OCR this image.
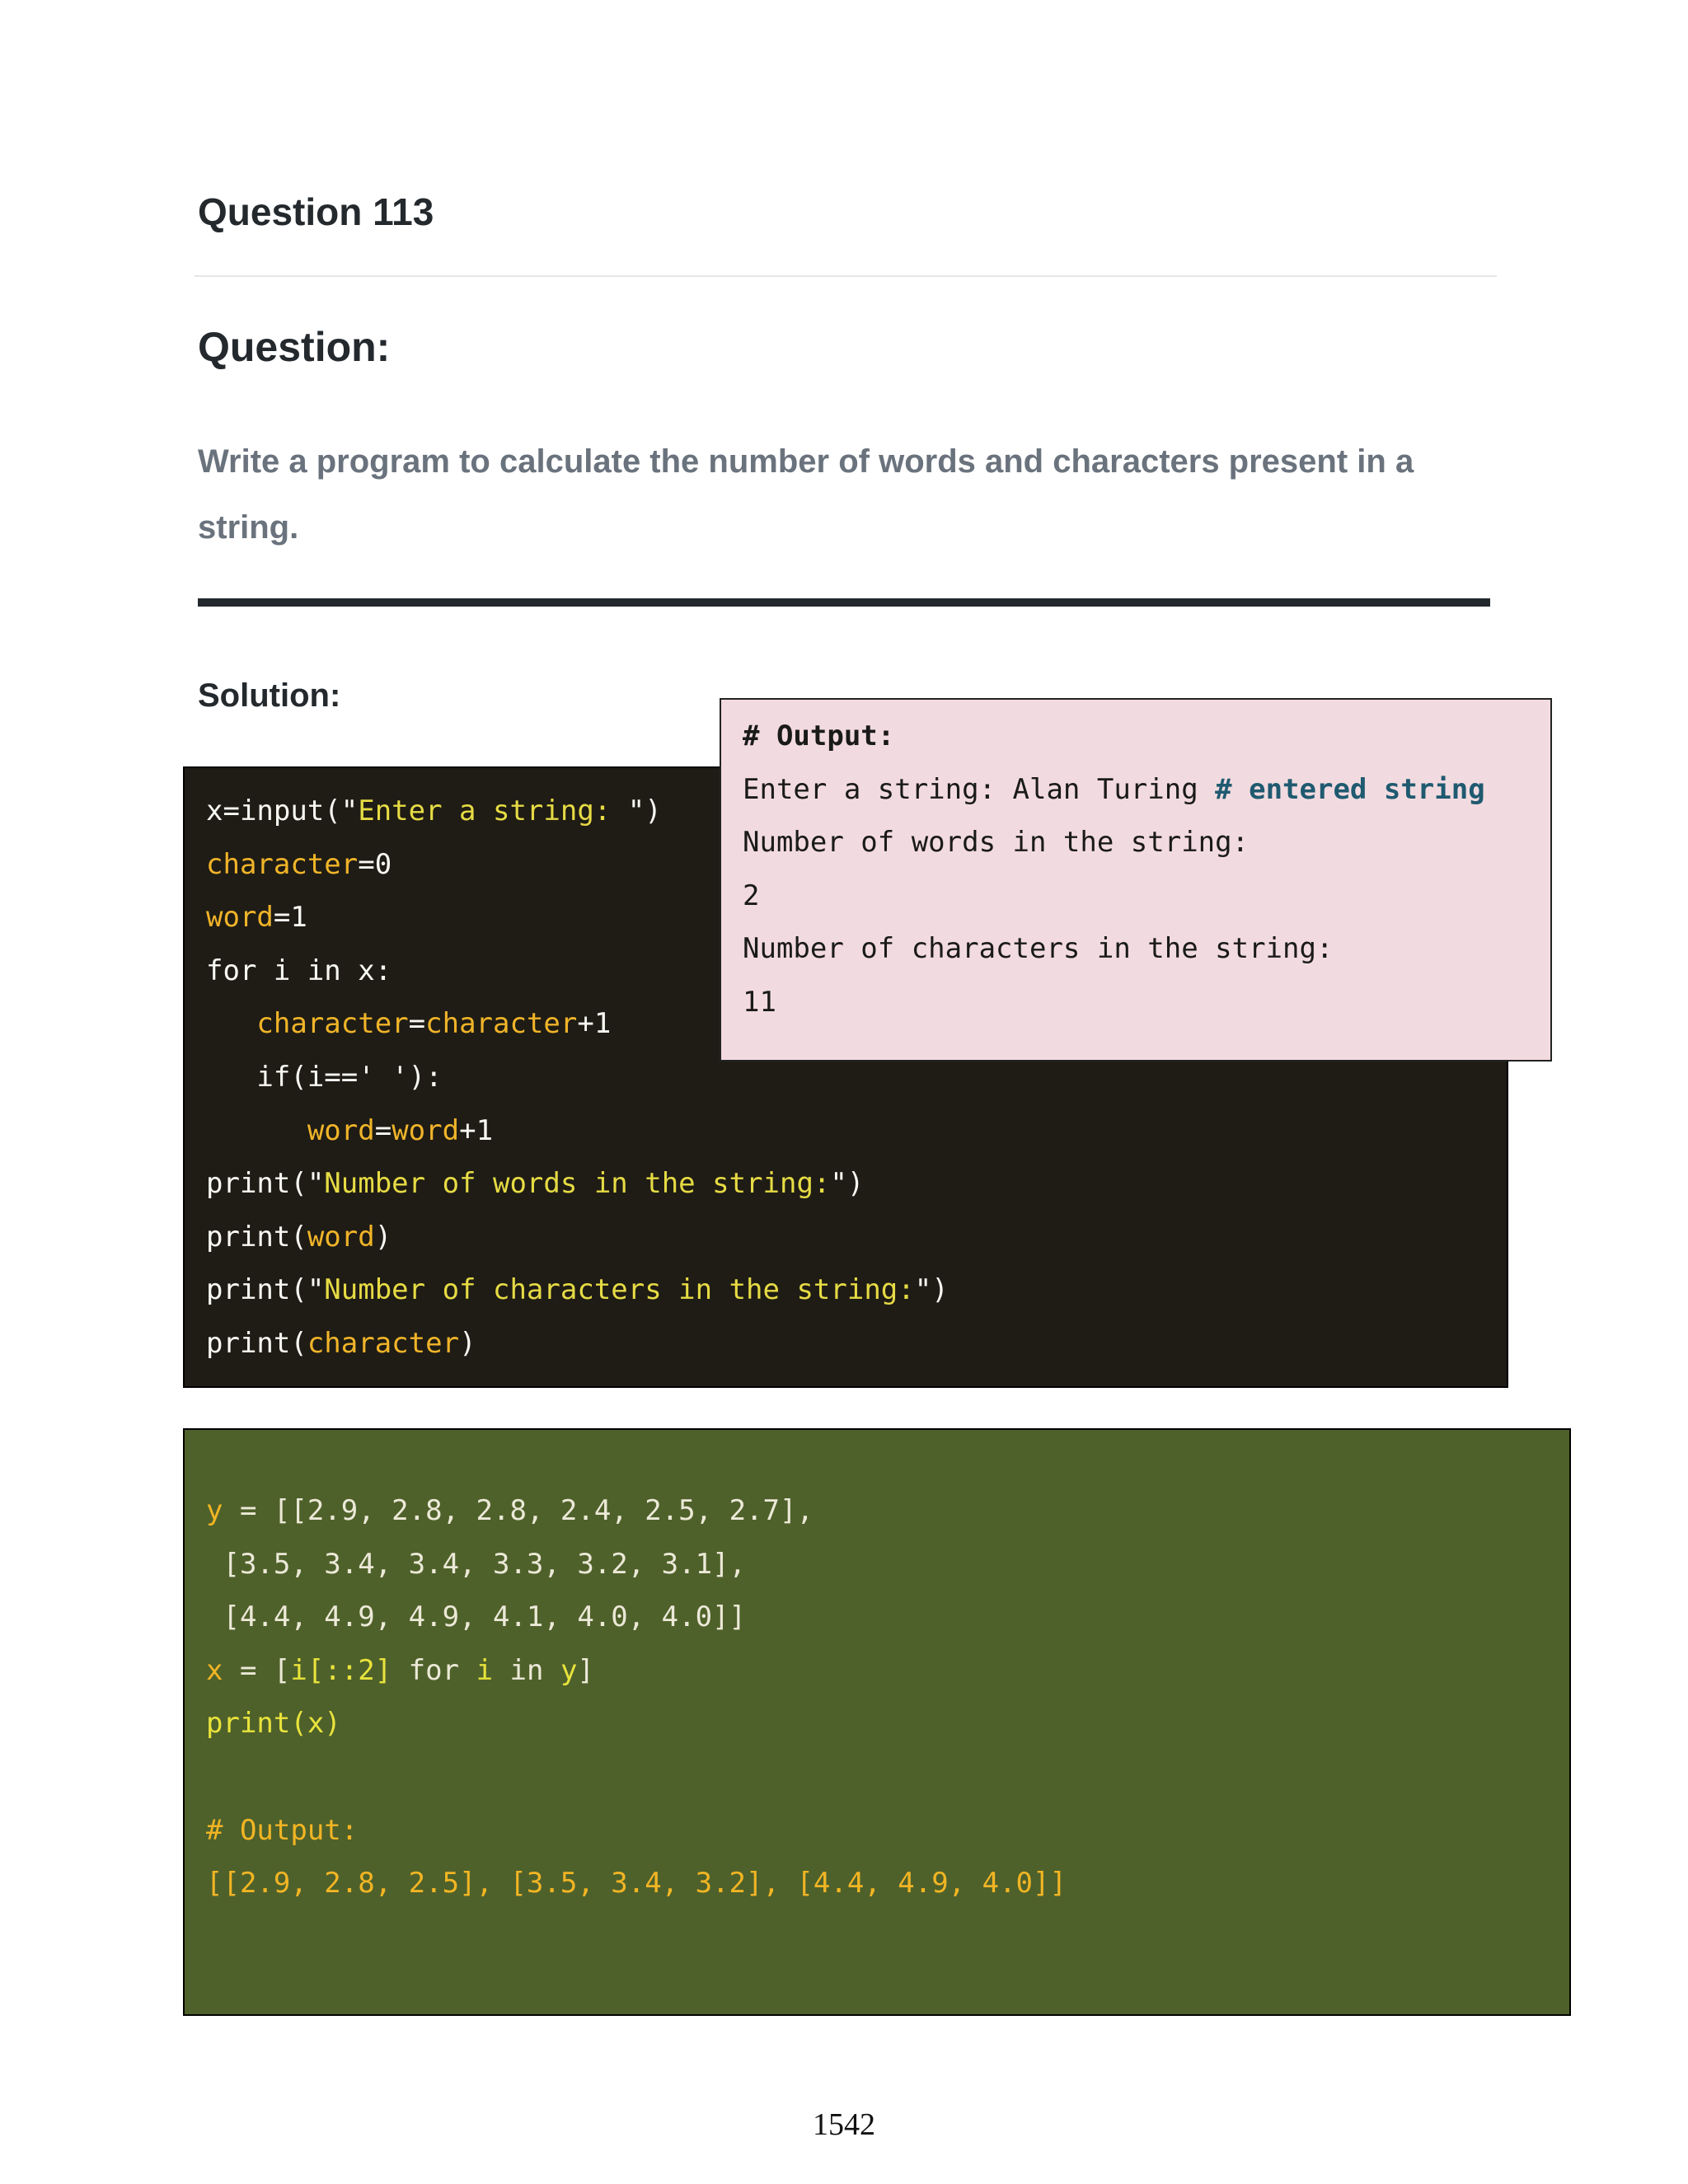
Question 113
Question:

Write a program to calculate the number of words and characters present in a string.

Solution:
x=input("Enter a string: ")
character=0
word=1
for i in x:
character=character+1
if(i==' '):
word=word+1
print("Number of words in the string:")
print(word)
print("Number of characters in the string:")
print(character)
# Output:
Enter a string: Alan Turing # entered string
Number of words in the string:
2
Number of characters in the string:
11
y = [[2.9, 2.8, 2.8, 2.4, 2.5, 2.7],
[3.5, 3.4, 3.4, 3.3, 3.2, 3.1],
[4.4, 4.9, 4.9, 4.1, 4.0, 4.0]]
x = [i[::2] for i in y]
print(x)
# Output:
[[2.9, 2.8, 2.5], [3.5, 3.4, 3.2], [4.4, 4.9, 4.0]]
1542
